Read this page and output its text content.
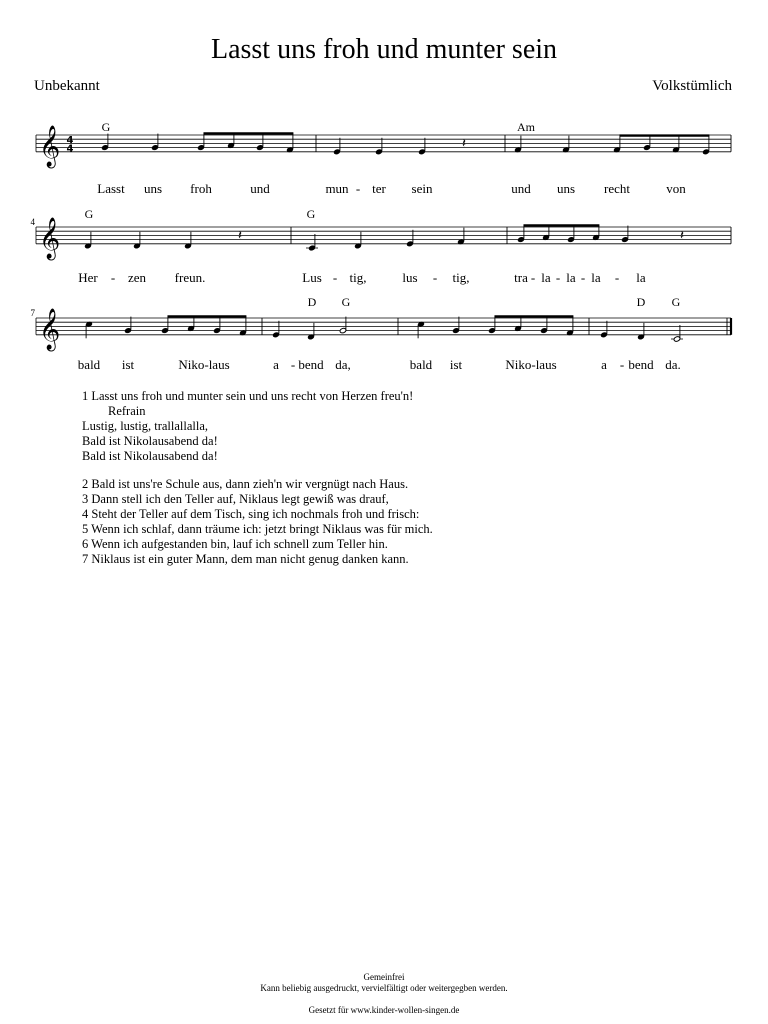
Lasst uns froh und munter sein
Unbekannt	Volkstümlich
G	Am
G	G
D G	D G
Lasst uns froh	und	mun - ter sein	und uns recht	von
Her - zen freun.	Lus - tig,	lus - tig,	tra - la - la - la - la
bald ist	Niko-laus	a - bend da,	bald ist	Niko-laus	a - bend da.
𝄞 4
4	𝄽
𝄞
4
𝄽	𝄽
𝄞
7
1 Lasst uns froh und munter sein und uns recht von Herzen freu'n!
Refrain
Lustig, lustig, trallallalla,
Bald ist Nikolausabend da!
Bald ist Nikolausabend da!
2 Bald ist uns're Schule aus, dann zieh'n wir vergnügt nach Haus.
3 Dann stell ich den Teller auf, Niklaus legt gewiß was drauf,
4 Steht der Teller auf dem Tisch, sing ich nochmals froh und frisch:
5 Wenn ich schlaf, dann träume ich: jetzt bringt Niklaus was für mich.
6 Wenn ich aufgestanden bin, lauf ich schnell zum Teller hin.
7 Niklaus ist ein guter Mann, dem man nicht genug danken kann.
Gemeinfrei
Kann beliebig ausgedruckt, vervielfältigt oder weitergegben werden.
Gesetzt für www.kinder-wollen-singen.de
